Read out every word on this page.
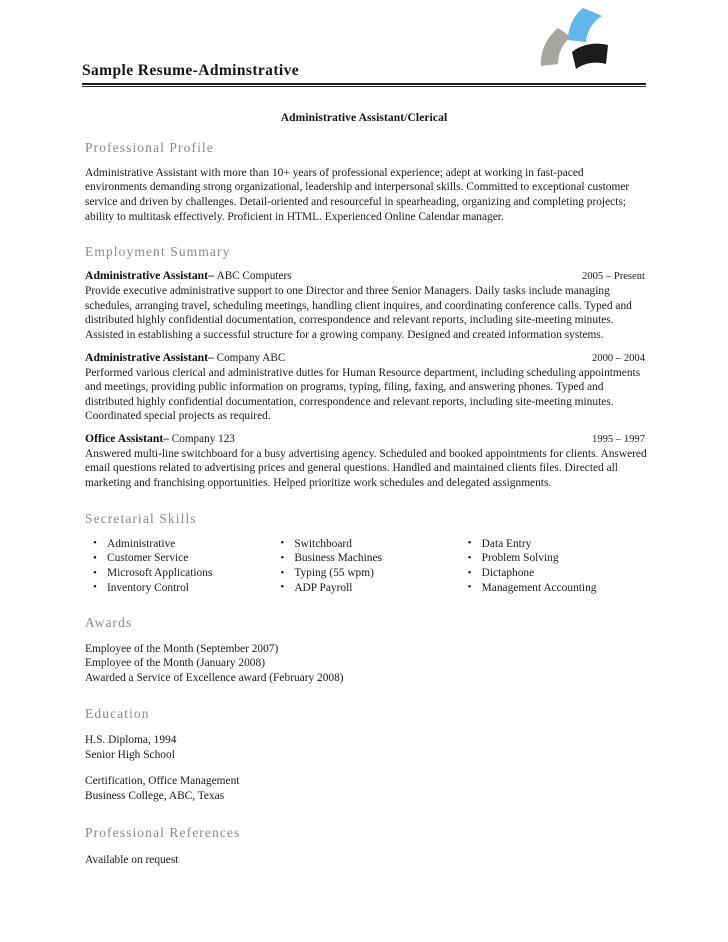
Sample Resume-Adminstrative
Administrative Assistant/Clerical
Professional Profile

Administrative Assistant with more than 10+ years of professional experience; adept at working in fast-paced environments demanding strong organizational, leadership and interpersonal skills. Committed to exceptional customer service and driven by challenges. Detail-oriented and resourceful in spearheading, organizing and completing projects; ability to multitask effectively. Proficient in HTML. Experienced Online Calendar manager.

Employment Summary
Administrative Assistant– ABC Computers	2005 – Present

Provide executive administrative support to one Director and three Senior Managers. Daily tasks include managing schedules, arranging travel, scheduling meetings, handling client inquires, and coordinating conference calls. Typed and distributed highly confidential documentation, correspondence and relevant reports, including site-meeting minutes. Assisted in establishing a successful structure for a growing company. Designed and created information systems.

Administrative Assistant– Company ABC	2000 – 2004

Performed various clerical and administrative duties for Human Resource department, including scheduling appointments and meetings, providing public information on programs, typing, filing, faxing, and answering phones. Typed and distributed highly confidential documentation, correspondence and relevant reports, including site-meeting minutes. Coordinated special projects as required.

Office Assistant– Company 123	1995 – 1997

Answered multi-line switchboard for a busy advertising agency. Scheduled and booked appointments for clients. Answered email questions related to advertising prices and general questions. Handled and maintained clients files. Directed all marketing and franchising opportunities. Helped prioritize work schedules and delegated assignments.

Secretarial Skills
• Administrative
• Customer Service
• Microsoft Applications
• Inventory Control
• Switchboard
• Business Machines
• Typing (55 wpm)
• ADP Payroll
• Data Entry
• Problem Solving
• Dictaphone
• Management Accounting
Awards
Employee of the Month (September 2007)
Employee of the Month (January 2008)
Awarded a Service of Excellence award (February 2008)
Education
H.S. Diploma, 1994
Senior High School
Certification, Office Management
Business College, ABC, Texas
Professional References
Available on request
